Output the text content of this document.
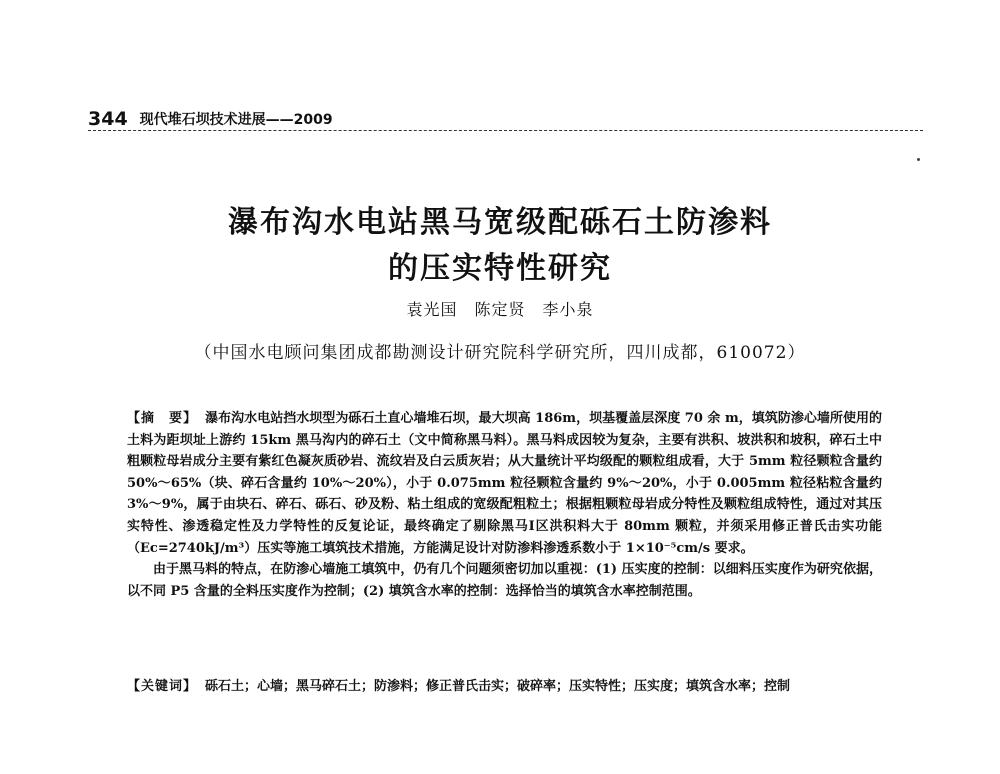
344 现代堆石坝技术进展——2009
瀑布沟水电站黑马宽级配砾石土防渗料
的压实特性研究
袁光国　陈定贤　李小泉
（中国水电顾问集团成都勘测设计研究院科学研究所，四川成都，610072）

【摘　要】 瀑布沟水电站挡水坝型为砾石土直心墙堆石坝，最大坝高 186m，坝基覆盖层深度 70 余 m，填筑防渗心墙所使用的土料为距坝址上游约 15km 黑马沟内的碎石土（文中简称黑马料）。黑马料成因较为复杂，主要有洪积、坡洪积和坡积，碎石土中粗颗粒母岩成分主要有紫红色凝灰质砂岩、流纹岩及白云质灰岩；从大量统计平均级配的颗粒组成看，大于 5mm 粒径颗粒含量约 50%～65%（块、碎石含量约 10%～20%），小于 0.075mm 粒径颗粒含量约 9%～20%，小于 0.005mm 粒径粘粒含量约 3%～9%，属于由块石、碎石、砾石、砂及粉、粘土组成的宽级配粗粒土；根据粗颗粒母岩成分特性及颗粒组成特性，通过对其压实特性、渗透稳定性及力学特性的反复论证，最终确定了剔除黑马Ⅰ区洪积料大于 80mm 颗粒，并须采用修正普氏击实功能（Ec=2740kJ/m³）压实等施工填筑技术措施，方能满足设计对防渗料渗透系数小于 1×10⁻⁵cm/s 要求。

由于黑马料的特点，在防渗心墙施工填筑中，仍有几个问题须密切加以重视：(1) 压实度的控制：以细料压实度作为研究依据，以不同 P5 含量的全料压实度作为控制；(2) 填筑含水率的控制：选择恰当的填筑含水率控制范围。

【关键词】 砾石土；心墙；黑马碎石土；防渗料；修正普氏击实；破碎率；压实特性；压实度；填筑含水率；控制
